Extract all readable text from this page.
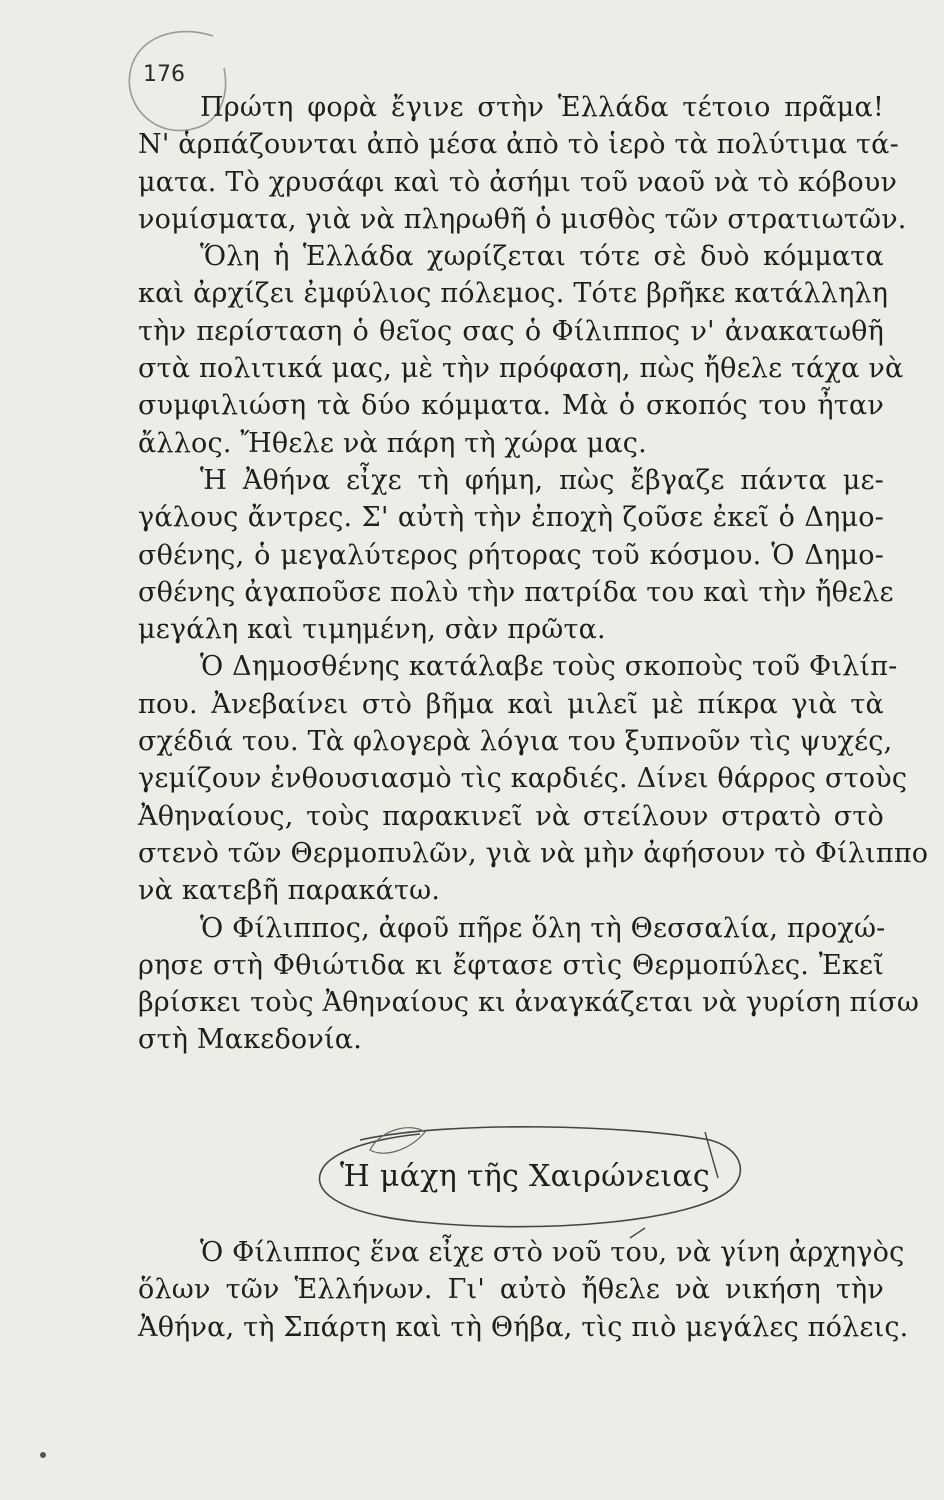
176
Πρώτη φορὰ ἔγινε στὴν Ἑλλάδα τέτοιο πρᾶμα!
Ν' ἁρπάζουνται ἀπὸ μέσα ἀπὸ τὸ ἱερὸ τὰ πολύτιμα τά-
ματα. Τὸ χρυσάφι καὶ τὸ ἀσήμι τοῦ ναοῦ νὰ τὸ κόβουν
νομίσματα, γιὰ νὰ πληρωθῆ ὁ μισθὸς τῶν στρατιωτῶν.
Ὅλη ἡ Ἑλλάδα χωρίζεται τότε σὲ δυὸ κόμματα
καὶ ἀρχίζει ἐμφύλιος πόλεμος. Τότε βρῆκε κατάλληλη
τὴν περίσταση ὁ θεῖος σας ὁ Φίλιππος ν' ἀνακατωθῆ
στὰ πολιτικά μας, μὲ τὴν πρόφαση, πὼς ἤθελε τάχα νὰ
συμφιλιώση τὰ δύο κόμματα. Μὰ ὁ σκοπός του ἦταν
ἄλλος. Ἤθελε νὰ πάρη τὴ χώρα μας.
Ἡ Ἀθήνα εἶχε τὴ φήμη, πὼς ἔβγαζε πάντα με-
γάλους ἄντρες. Σ' αὐτὴ τὴν ἐποχὴ ζοῦσε ἐκεῖ ὁ Δημο-
σθένης, ὁ μεγαλύτερος ρήτορας τοῦ κόσμου. Ὁ Δημο-
σθένης ἀγαποῦσε πολὺ τὴν πατρίδα του καὶ τὴν ἤθελε
μεγάλη καὶ τιμημένη, σὰν πρῶτα.
Ὁ Δημοσθένης κατάλαβε τοὺς σκοποὺς τοῦ Φιλίπ-
που. Ἀνεβαίνει στὸ βῆμα καὶ μιλεῖ μὲ πίκρα γιὰ τὰ
σχέδιά του. Τὰ φλογερὰ λόγια του ξυπνοῦν τὶς ψυχές,
γεμίζουν ἐνθουσιασμὸ τὶς καρδιές. Δίνει θάρρος στοὺς
Ἀθηναίους, τοὺς παρακινεῖ νὰ στείλουν στρατὸ στὸ
στενὸ τῶν Θερμοπυλῶν, γιὰ νὰ μὴν ἀφήσουν τὸ Φίλιππο
νὰ κατεβῆ παρακάτω.
Ὁ Φίλιππος, ἀφοῦ πῆρε ὅλη τὴ Θεσσαλία, προχώ-
ρησε στὴ Φθιώτιδα κι ἔφτασε στὶς Θερμοπύλες. Ἐκεῖ
βρίσκει τοὺς Ἀθηναίους κι ἀναγκάζεται νὰ γυρίση πίσω
στὴ Μακεδονία.
Ἡ μάχη τῆς Χαιρώνειας
Ὁ Φίλιππος ἕνα εἶχε στὸ νοῦ του, νὰ γίνη ἀρχηγὸς
ὅλων τῶν Ἑλλήνων. Γι' αὐτὸ ἤθελε νὰ νικήση τὴν
Ἀθήνα, τὴ Σπάρτη καὶ τὴ Θήβα, τὶς πιὸ μεγάλες πόλεις.
